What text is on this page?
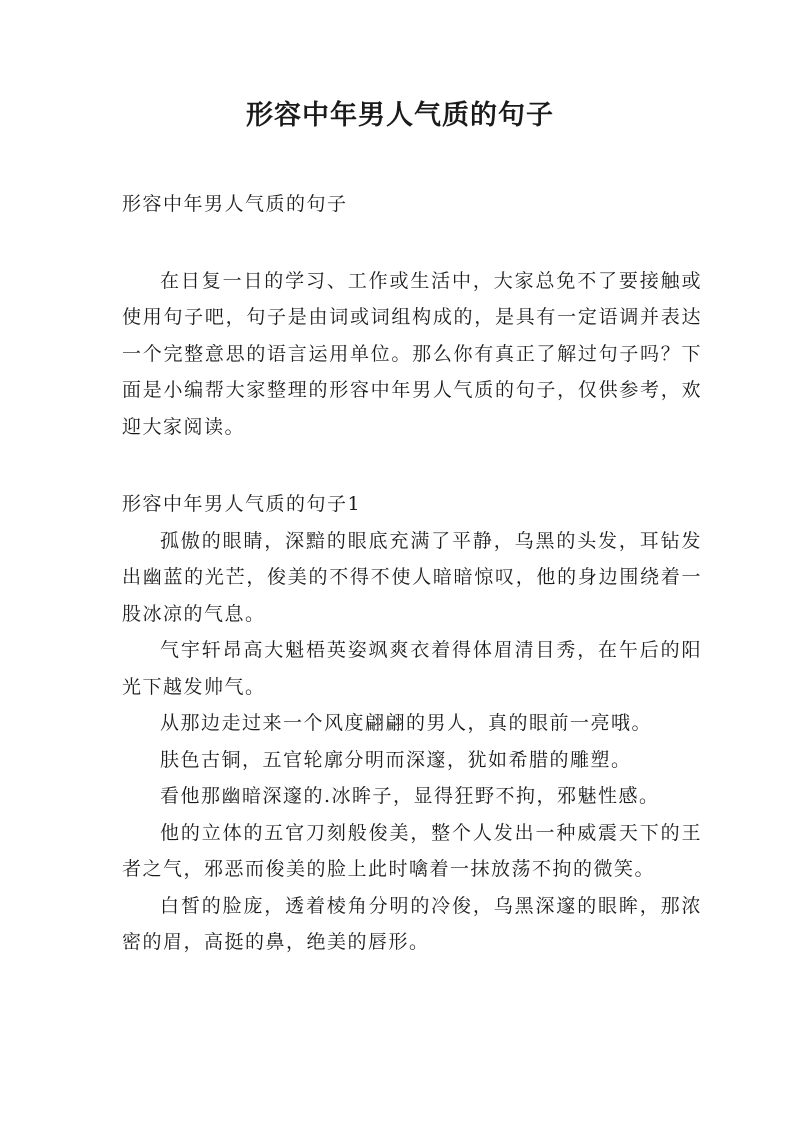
形容中年男人气质的句子

形容中年男人气质的句子

在日复一日的学习、工作或生活中，大家总免不了要接触或使用句子吧，句子是由词或词组构成的，是具有一定语调并表达一个完整意思的语言运用单位。那么你有真正了解过句子吗？下面是小编帮大家整理的形容中年男人气质的句子，仅供参考，欢迎大家阅读。

形容中年男人气质的句子1

孤傲的眼睛，深黯的眼底充满了平静，乌黑的头发，耳钻发出幽蓝的光芒，俊美的不得不使人暗暗惊叹，他的身边围绕着一股冰凉的气息。

气宇轩昂高大魁梧英姿飒爽衣着得体眉清目秀，在午后的阳光下越发帅气。

从那边走过来一个风度翩翩的男人，真的眼前一亮哦。

肤色古铜，五官轮廓分明而深邃，犹如希腊的雕塑。

看他那幽暗深邃的.冰眸子，显得狂野不拘，邪魅性感。

他的立体的五官刀刻般俊美，整个人发出一种威震天下的王者之气，邪恶而俊美的脸上此时噙着一抹放荡不拘的微笑。

白皙的脸庞，透着棱角分明的冷俊，乌黑深邃的眼眸，那浓密的眉，高挺的鼻，绝美的唇形。
